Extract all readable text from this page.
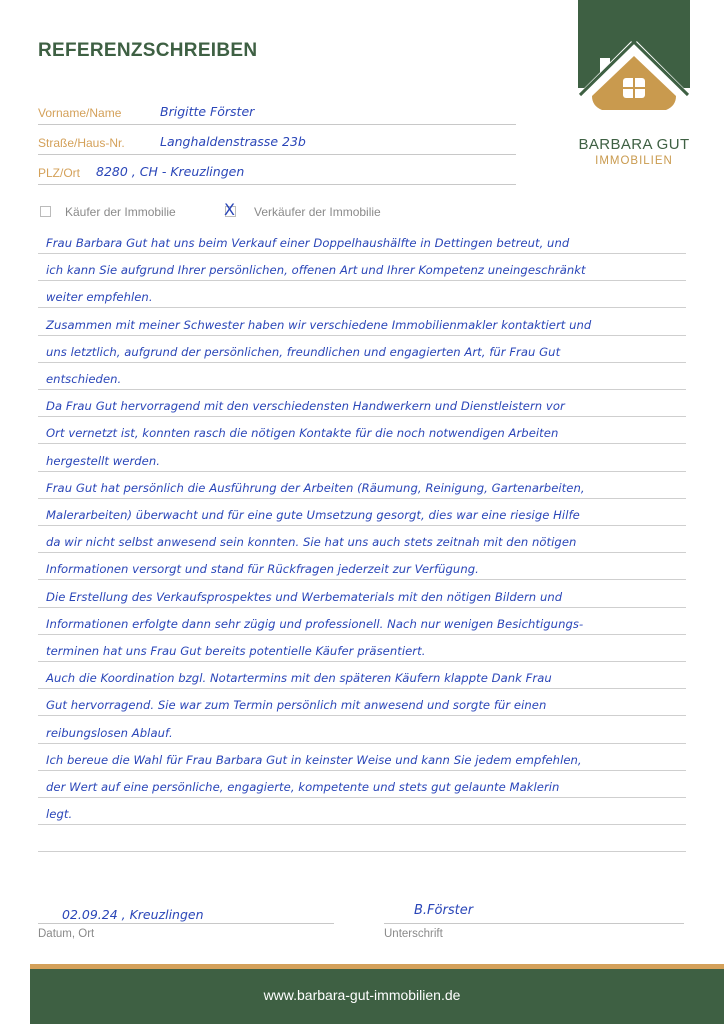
REFERENZSCHREIBEN
BARBARA GUT
IMMOBILIEN
Vorname/Name	Brigitte Förster
Straße/Haus-Nr.	Langhaldenstrasse 23b
PLZ/Ort 8280 , CH - Kreuzlingen
Käufer der Immobilie	X Verkäufer der Immobilie
Frau Barbara Gut hat uns beim Verkauf einer Doppelhaushälfte in Dettingen betreut, und
ich kann Sie aufgrund Ihrer persönlichen, offenen Art und Ihrer Kompetenz uneingeschränkt
weiter empfehlen.
Zusammen mit meiner Schwester haben wir verschiedene Immobilienmakler kontaktiert und
uns letztlich, aufgrund der persönlichen, freundlichen und engagierten Art, für Frau Gut
entschieden.
Da Frau Gut hervorragend mit den verschiedensten Handwerkern und Dienstleistern vor
Ort vernetzt ist, konnten rasch die nötigen Kontakte für die noch notwendigen Arbeiten
hergestellt werden.
Frau Gut hat persönlich die Ausführung der Arbeiten (Räumung, Reinigung, Gartenarbeiten,
Malerarbeiten) überwacht und für eine gute Umsetzung gesorgt, dies war eine riesige Hilfe
da wir nicht selbst anwesend sein konnten. Sie hat uns auch stets zeitnah mit den nötigen
Informationen versorgt und stand für Rückfragen jederzeit zur Verfügung.
Die Erstellung des Verkaufsprospektes und Werbematerials mit den nötigen Bildern und
Informationen erfolgte dann sehr zügig und professionell. Nach nur wenigen Besichtigungs-
terminen hat uns Frau Gut bereits potentielle Käufer präsentiert.
Auch die Koordination bzgl. Notartermins mit den späteren Käufern klappte Dank Frau
Gut hervorragend. Sie war zum Termin persönlich mit anwesend und sorgte für einen
reibungslosen Ablauf.
Ich bereue die Wahl für Frau Barbara Gut in keinster Weise und kann Sie jedem empfehlen,
der Wert auf eine persönliche, engagierte, kompetente und stets gut gelaunte Maklerin
legt.
02.09.24 , Kreuzlingen
Datum, Ort
B.Förster
Unterschrift
www.barbara-gut-immobilien.de
